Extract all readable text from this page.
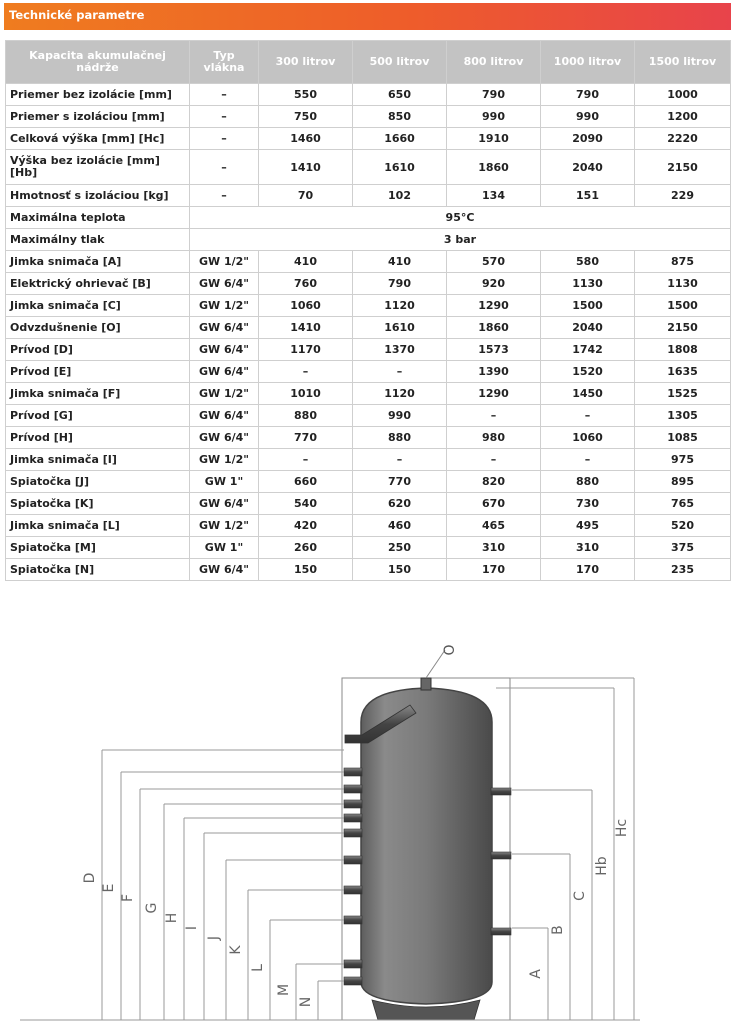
Technické parametre
Kapacita akumulačnej nádrže	Typ vlákna	300 litrov	500 litrov	800 litrov	1000 litrov	1500 litrov
Priemer bez izolácie [mm]	–	550	650	790	790	1000
Priemer s izoláciou [mm]	–	750	850	990	990	1200
Celková výška [mm] [Hc]	–	1460	1660	1910	2090	2220
Výška bez izolácie [mm] [Hb]	–	1410	1610	1860	2040	2150
Hmotnosť s izoláciou [kg]	–	70	102	134	151	229
Maximálna teplota	95°C					
Maximálny tlak	3 bar					
Jimka snimača [A]	GW 1/2"	410	410	570	580	875
Elektrický ohrievač [B]	GW 6/4"	760	790	920	1130	1130
Jimka snimača [C]	GW 1/2"	1060	1120	1290	1500	1500
Odvzdušnenie [O]	GW 6/4"	1410	1610	1860	2040	2150
Prívod [D]	GW 6/4"	1170	1370	1573	1742	1808
Prívod [E]	GW 6/4"	–	–	1390	1520	1635
Jimka snimača [F]	GW 1/2"	1010	1120	1290	1450	1525
Prívod [G]	GW 6/4"	880	990	–	–	1305
Prívod [H]	GW 6/4"	770	880	980	1060	1085
Jimka snimača [I]	GW 1/2"	–	–	–	–	975
Spiatočka [J]	GW 1"	660	770	820	880	895
Spiatočka [K]	GW 6/4"	540	620	670	730	765
Jimka snimača [L]	GW 1/2"	420	460	465	495	520
Spiatočka [M]	GW 1"	260	250	310	310	375
Spiatočka [N]	GW 6/4"	150	150	170	170	235
O
D
E
F
G
H
I
J
K
L
M
N
A
B
C
Hb
Hc
